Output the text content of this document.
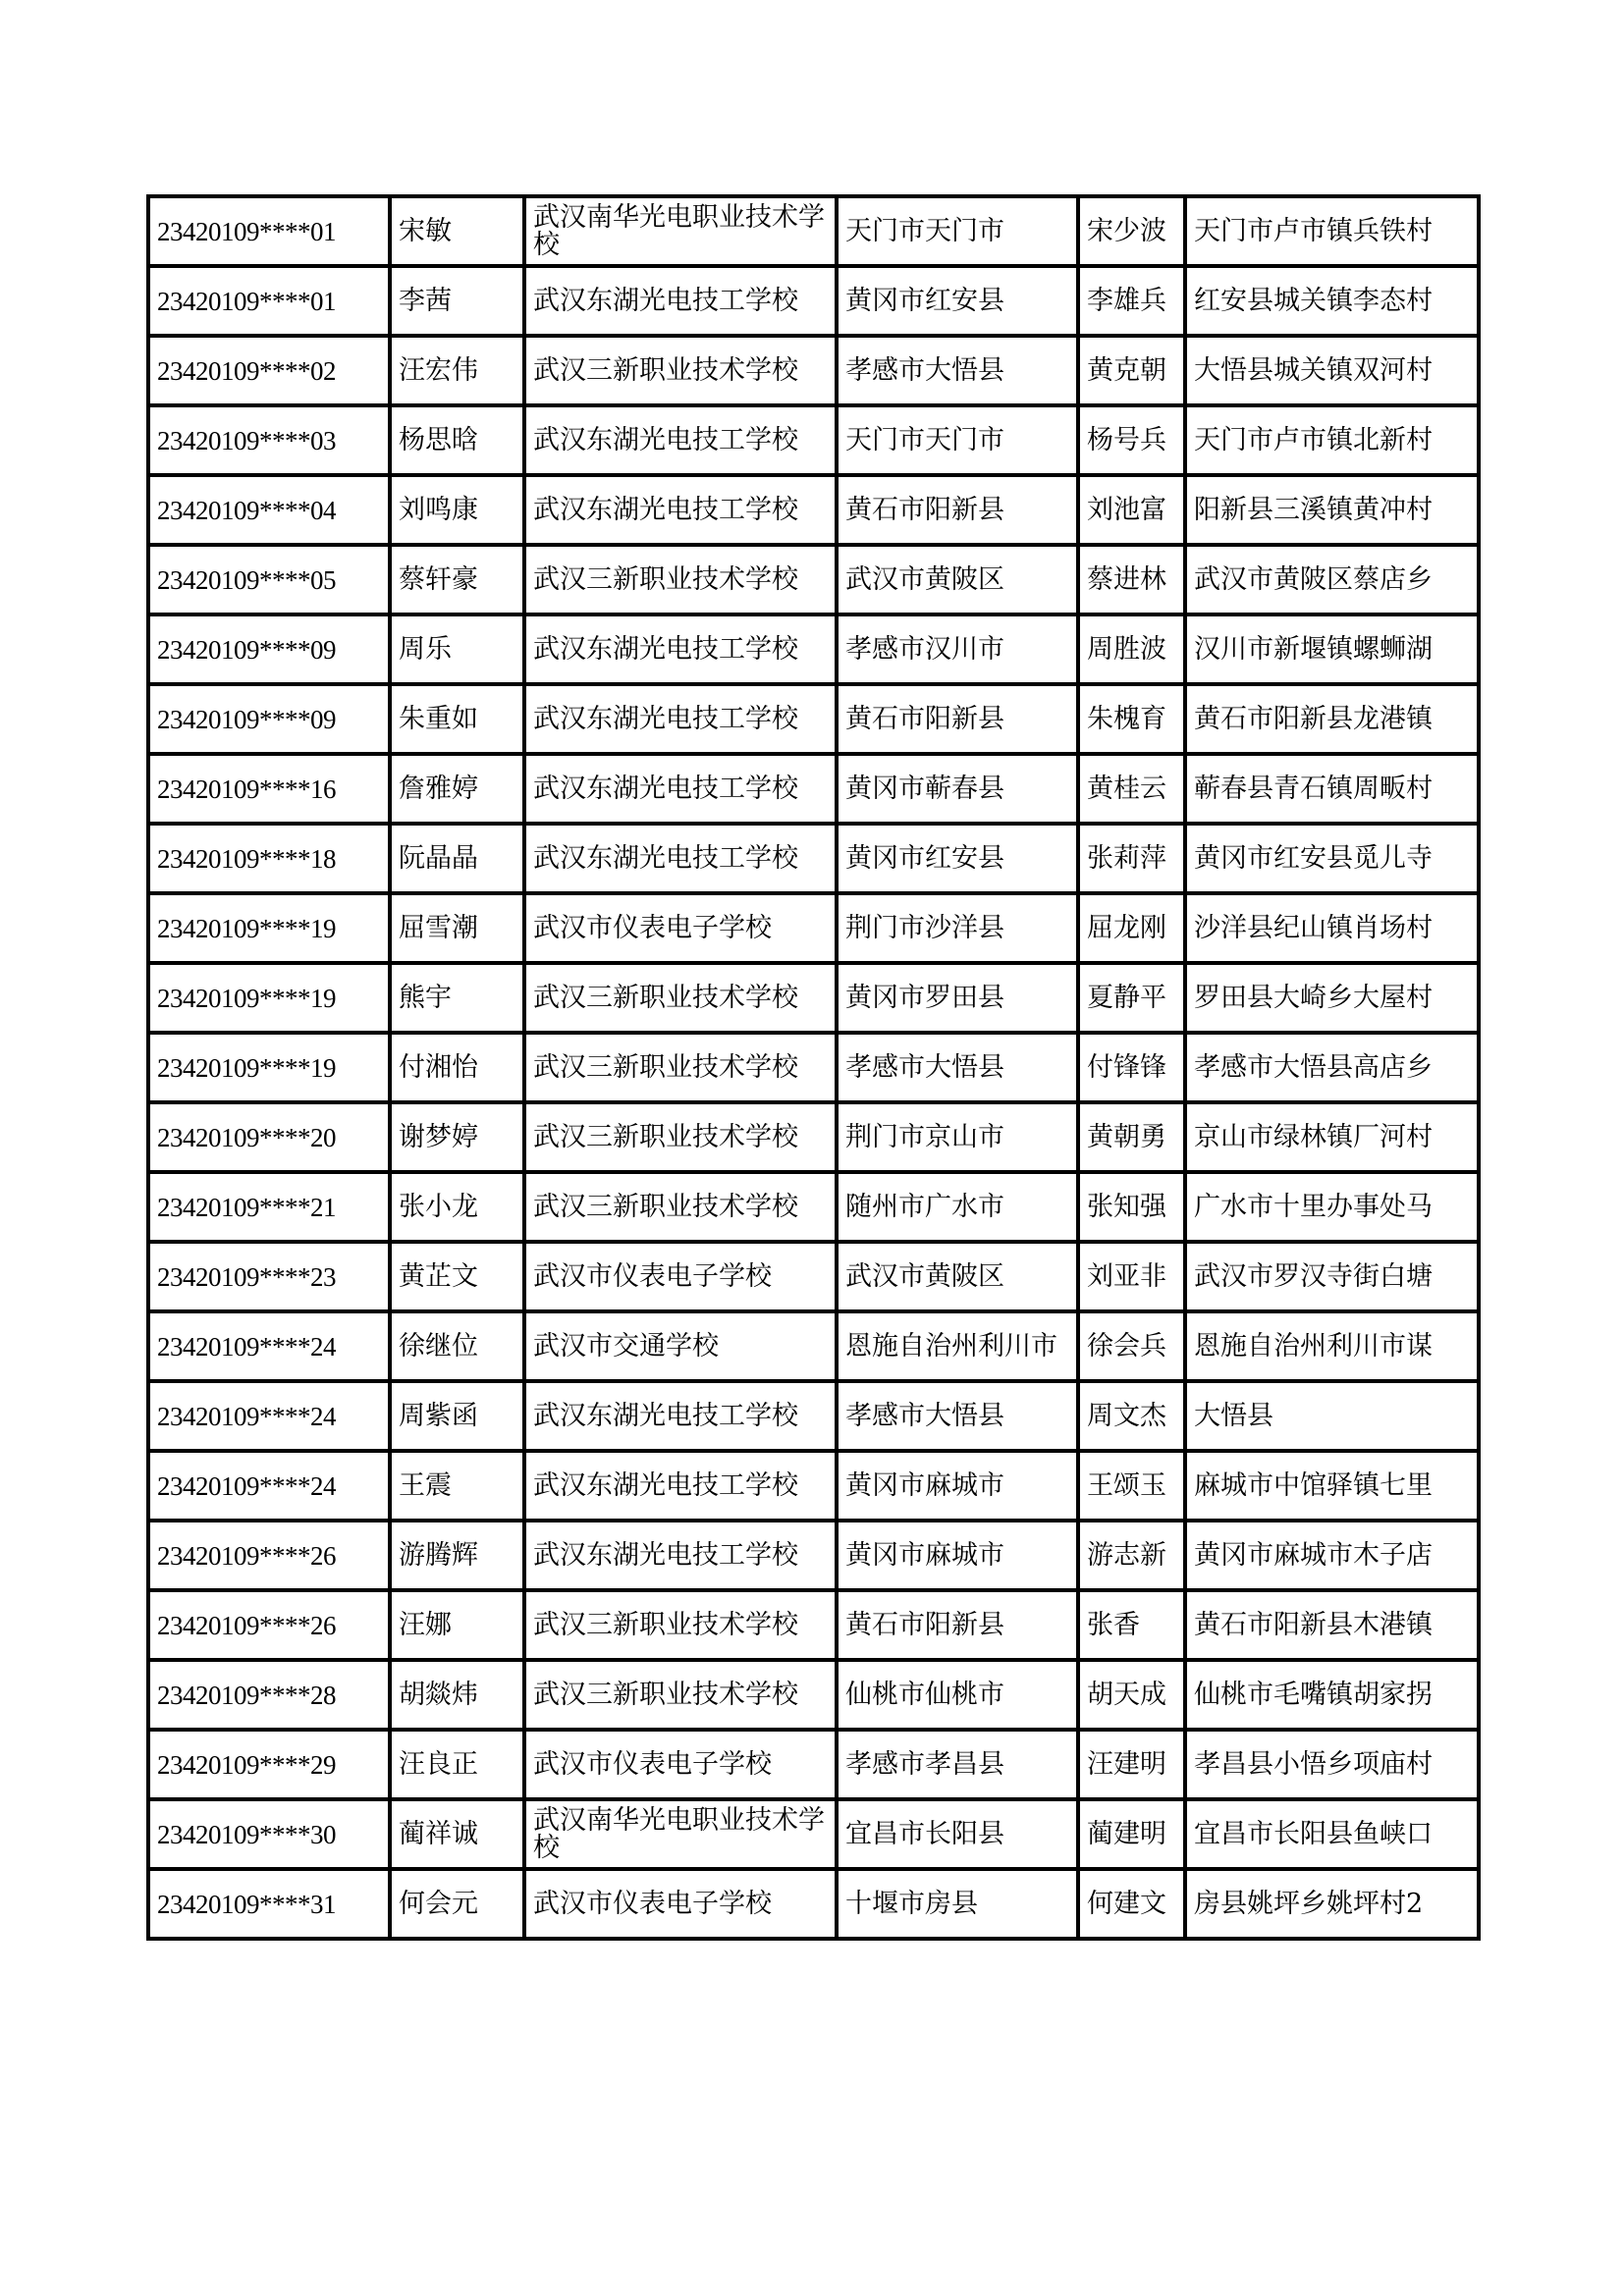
23420109****01	宋敏	武汉南华光电职业技术学校	天门市天门市	宋少波	天门市卢市镇兵铁村
23420109****01	李茜	武汉东湖光电技工学校	黄冈市红安县	李雄兵	红安县城关镇李态村
23420109****02	汪宏伟	武汉三新职业技术学校	孝感市大悟县	黄克朝	大悟县城关镇双河村
23420109****03	杨思晗	武汉东湖光电技工学校	天门市天门市	杨号兵	天门市卢市镇北新村
23420109****04	刘鸣康	武汉东湖光电技工学校	黄石市阳新县	刘池富	阳新县三溪镇黄冲村
23420109****05	蔡轩豪	武汉三新职业技术学校	武汉市黄陂区	蔡进林	武汉市黄陂区蔡店乡
23420109****09	周乐	武汉东湖光电技工学校	孝感市汉川市	周胜波	汉川市新堰镇螺蛳湖
23420109****09	朱重如	武汉东湖光电技工学校	黄石市阳新县	朱槐育	黄石市阳新县龙港镇
23420109****16	詹雅婷	武汉东湖光电技工学校	黄冈市蕲春县	黄桂云	蕲春县青石镇周畈村
23420109****18	阮晶晶	武汉东湖光电技工学校	黄冈市红安县	张莉萍	黄冈市红安县觅儿寺
23420109****19	屈雪潮	武汉市仪表电子学校	荆门市沙洋县	屈龙刚	沙洋县纪山镇肖场村
23420109****19	熊宇	武汉三新职业技术学校	黄冈市罗田县	夏静平	罗田县大崎乡大屋村
23420109****19	付湘怡	武汉三新职业技术学校	孝感市大悟县	付锋锋	孝感市大悟县高店乡
23420109****20	谢梦婷	武汉三新职业技术学校	荆门市京山市	黄朝勇	京山市绿林镇厂河村
23420109****21	张小龙	武汉三新职业技术学校	随州市广水市	张知强	广水市十里办事处马
23420109****23	黄芷文	武汉市仪表电子学校	武汉市黄陂区	刘亚非	武汉市罗汉寺街白塘
23420109****24	徐继位	武汉市交通学校	恩施自治州利川市	徐会兵	恩施自治州利川市谋
23420109****24	周紫函	武汉东湖光电技工学校	孝感市大悟县	周文杰	大悟县
23420109****24	王震	武汉东湖光电技工学校	黄冈市麻城市	王颂玉	麻城市中馆驿镇七里
23420109****26	游腾辉	武汉东湖光电技工学校	黄冈市麻城市	游志新	黄冈市麻城市木子店
23420109****26	汪娜	武汉三新职业技术学校	黄石市阳新县	张香	黄石市阳新县木港镇
23420109****28	胡燚炜	武汉三新职业技术学校	仙桃市仙桃市	胡天成	仙桃市毛嘴镇胡家拐
23420109****29	汪良正	武汉市仪表电子学校	孝感市孝昌县	汪建明	孝昌县小悟乡项庙村
23420109****30	蔺祥诚	武汉南华光电职业技术学校	宜昌市长阳县	蔺建明	宜昌市长阳县鱼峡口
23420109****31	何会元	武汉市仪表电子学校	十堰市房县	何建文	房县姚坪乡姚坪村2
